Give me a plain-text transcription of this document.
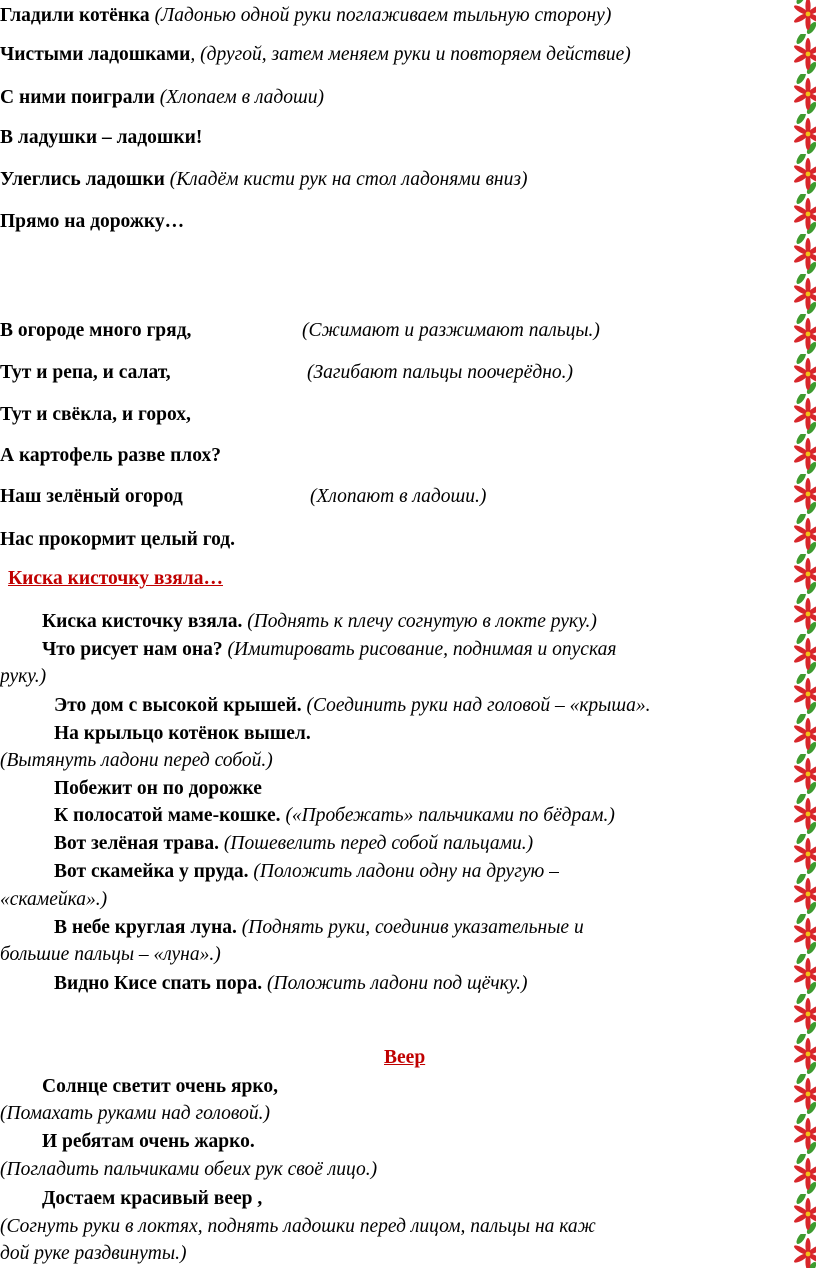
Гладили котёнка (Ладонью одной руки поглаживаем тыльную сторону)
Чистыми ладошками, (другой, затем меняем руки и повторяем действие)
С ними поиграли (Хлопаем в ладоши)
В ладушки – ладошки!
Улеглись ладошки (Кладём кисти рук на стол ладонями вниз)
Прямо на дорожку…
В огороде много гряд,	(Сжимают и разжимают пальцы.)
Тут и репа, и салат,	(Загибают пальцы поочерёдно.)
Тут и свёкла, и горох,
А картофель разве плох?
Наш зелёный огород	(Хлопают в ладоши.)
Нас прокормит целый год.
Киска кисточку взяла…
Киска кисточку взяла. (Поднять к плечу согнутую в локте руку.)
Что рисует нам она? (Имитировать рисование, поднимая и опуская
руку.)
Это дом с высокой крышей. (Соединить руки над головой – «крыша».
На крыльцо котёнок вышел.
(Вытянуть ладони перед собой.)
Побежит он по дорожке
К полосатой маме-кошке. («Пробежать» пальчиками по бёдрам.)
Вот зелёная трава. (Пошевелить перед собой пальцами.)
Вот скамейка у пруда. (Положить ладони одну на другую –
«скамейка».)
В небе круглая луна. (Поднять руки, соединив указательные и
большие пальцы – «луна».)
Видно Кисе спать пора. (Положить ладони под щёчку.)
Веер
Солнце светит очень ярко,
(Помахать руками над головой.)
И ребятам очень жарко.
(Погладить пальчиками обеих рук своё лицо.)
Достаем красивый веер ,
(Согнуть руки в локтях, поднять ладошки перед лицом, пальцы на каж
дой руке раздвинуты.)
